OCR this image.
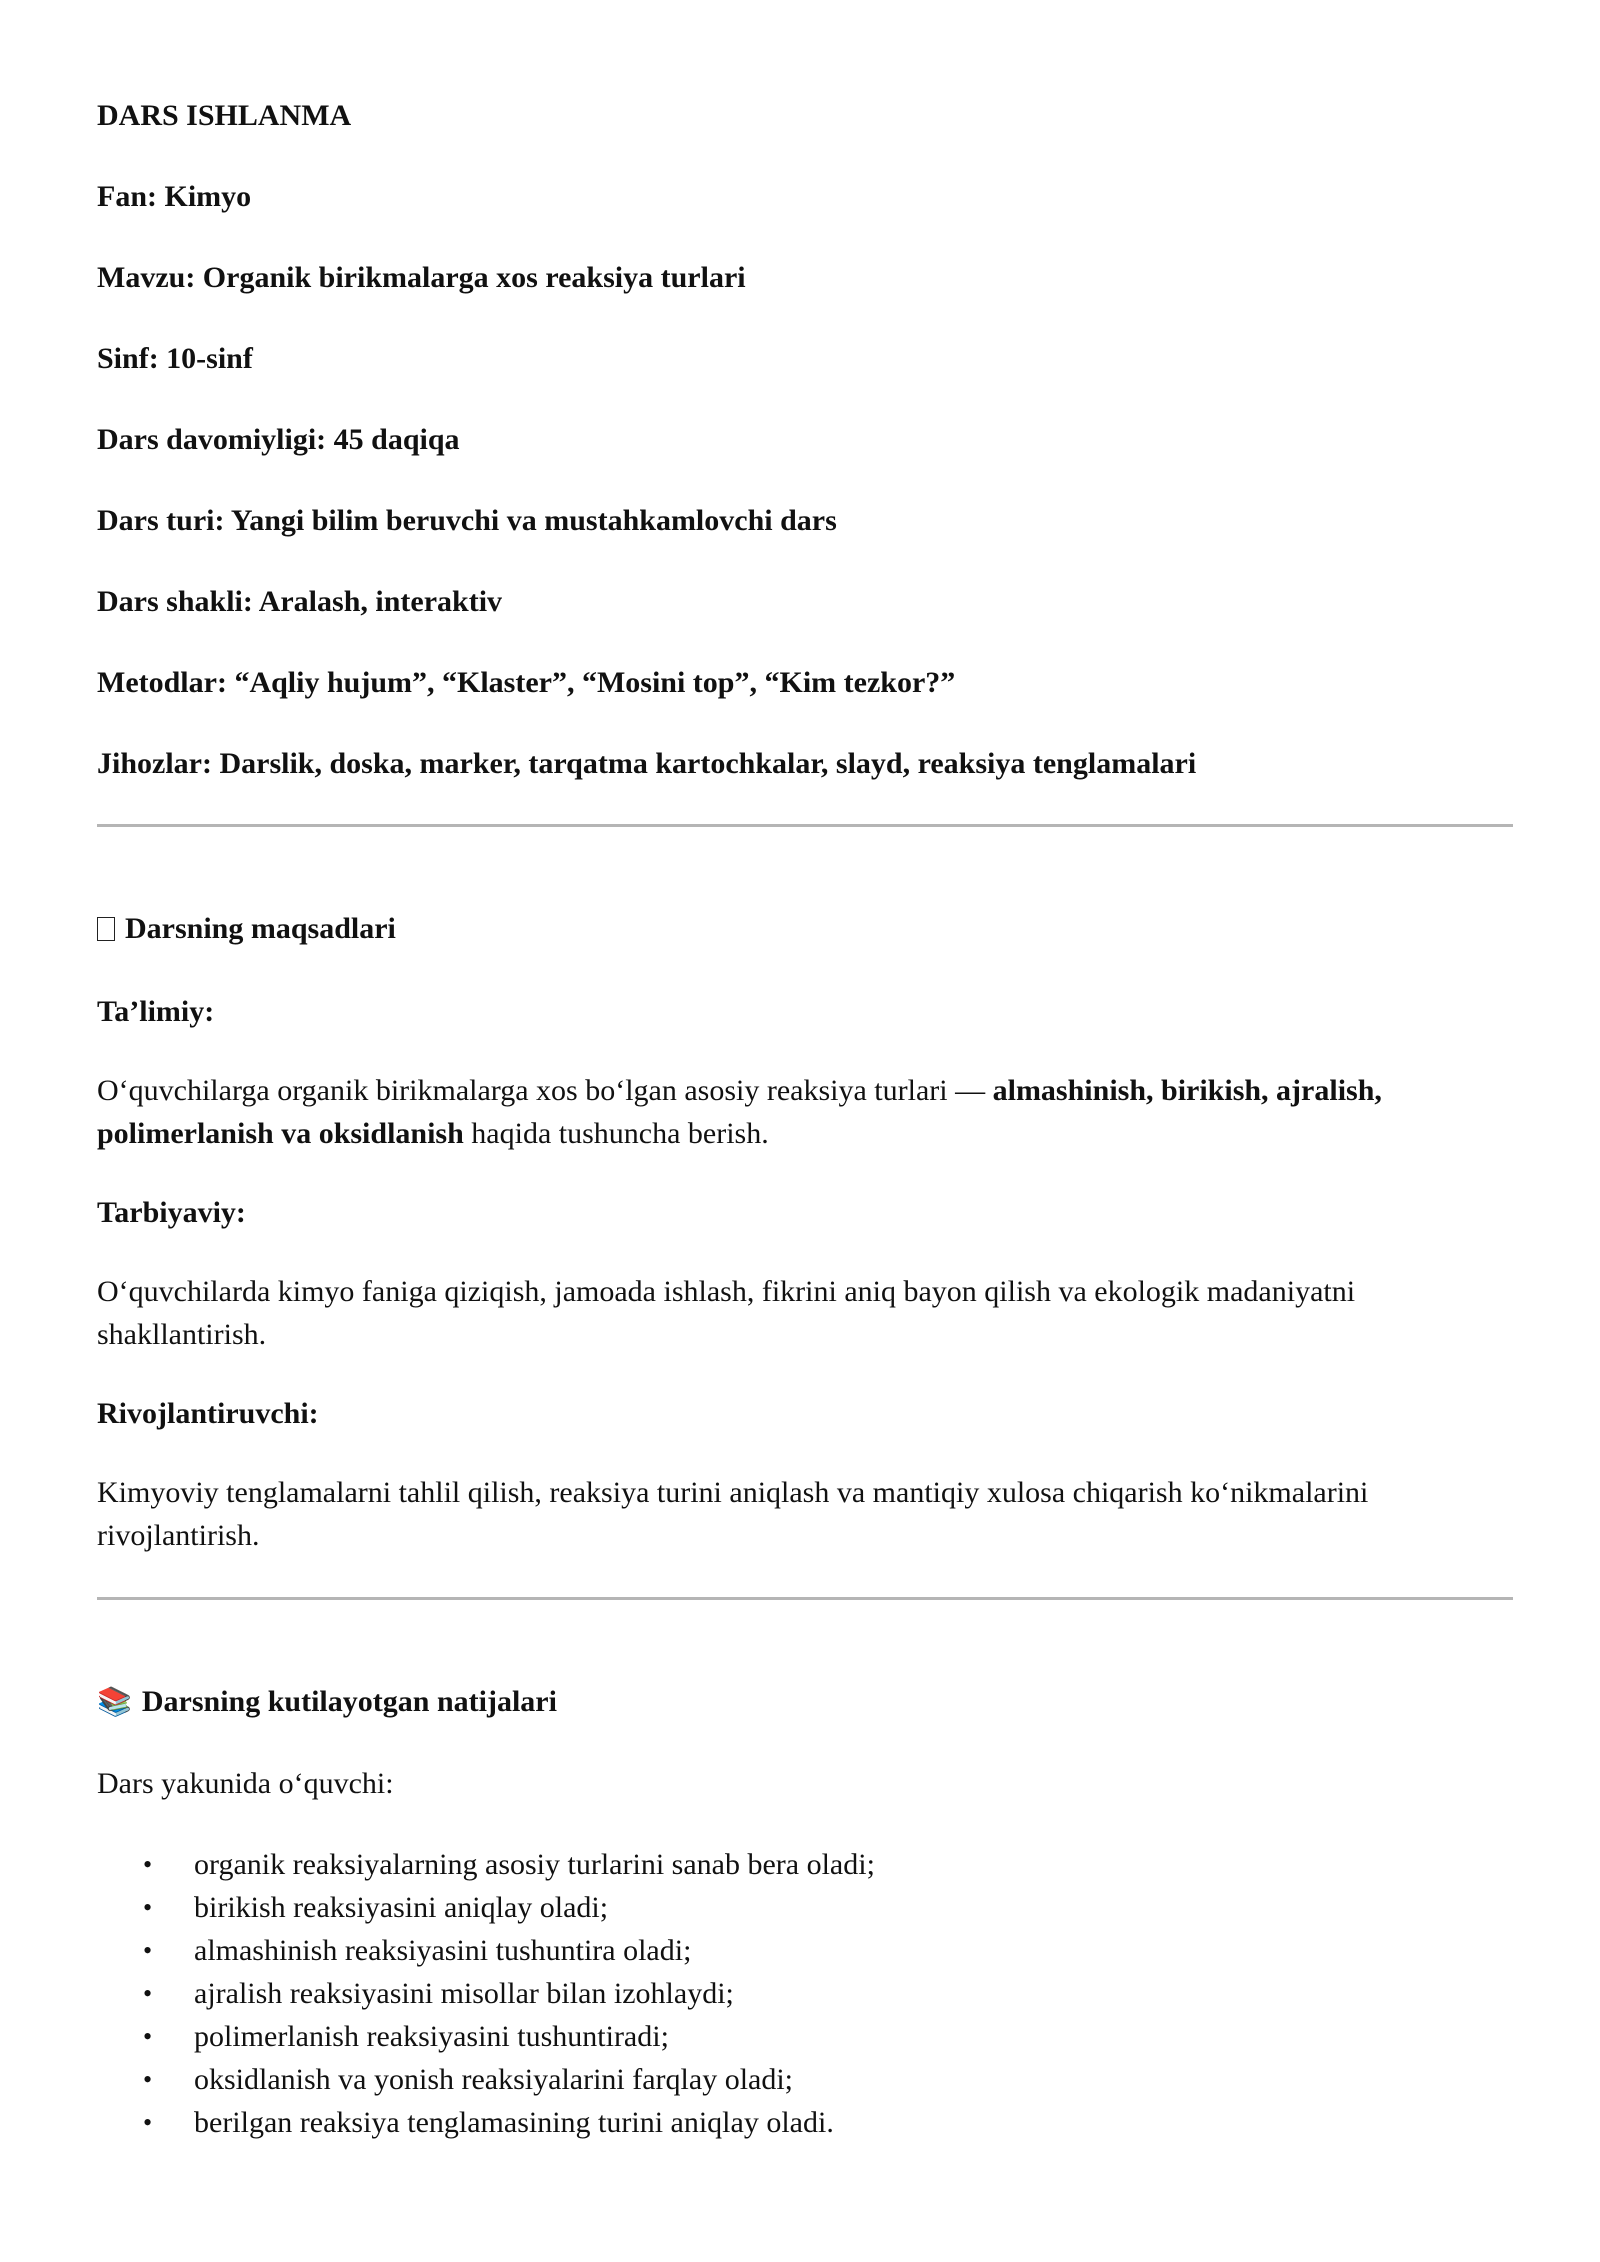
DARS ISHLANMA
Fan: Kimyo
Mavzu: Organik birikmalarga xos reaksiya turlari
Sinf: 10-sinf
Dars davomiyligi: 45 daqiqa
Dars turi: Yangi bilim beruvchi va mustahkamlovchi dars
Dars shakli: Aralash, interaktiv
Metodlar: “Aqliy hujum”, “Klaster”, “Mosini top”, “Kim tezkor?”
Jihozlar: Darslik, doska, marker, tarqatma kartochkalar, slayd, reaksiya tenglamalari
Darsning maqsadlari
Ta’limiy:

O‘quvchilarga organik birikmalarga xos bo‘lgan asosiy reaksiya turlari — almashinish, birikish, ajralish, polimerlanish va oksidlanish haqida tushuncha berish.

Tarbiyaviy:

O‘quvchilarda kimyo faniga qiziqish, jamoada ishlash, fikrini aniq bayon qilish va ekologik madaniyatni shakllantirish.

Rivojlantiruvchi:

Kimyoviy tenglamalarni tahlil qilish, reaksiya turini aniqlash va mantiqiy xulosa chiqarish ko‘nikmalarini rivojlantirish.

📚 Darsning kutilayotgan natijalari

Dars yakunida o‘quvchi:

• organik reaksiyalarning asosiy turlarini sanab bera oladi;
• birikish reaksiyasini aniqlay oladi;
• almashinish reaksiyasini tushuntira oladi;
• ajralish reaksiyasini misollar bilan izohlaydi;
• polimerlanish reaksiyasini tushuntiradi;
• oksidlanish va yonish reaksiyalarini farqlay oladi;
• berilgan reaksiya tenglamasining turini aniqlay oladi.
